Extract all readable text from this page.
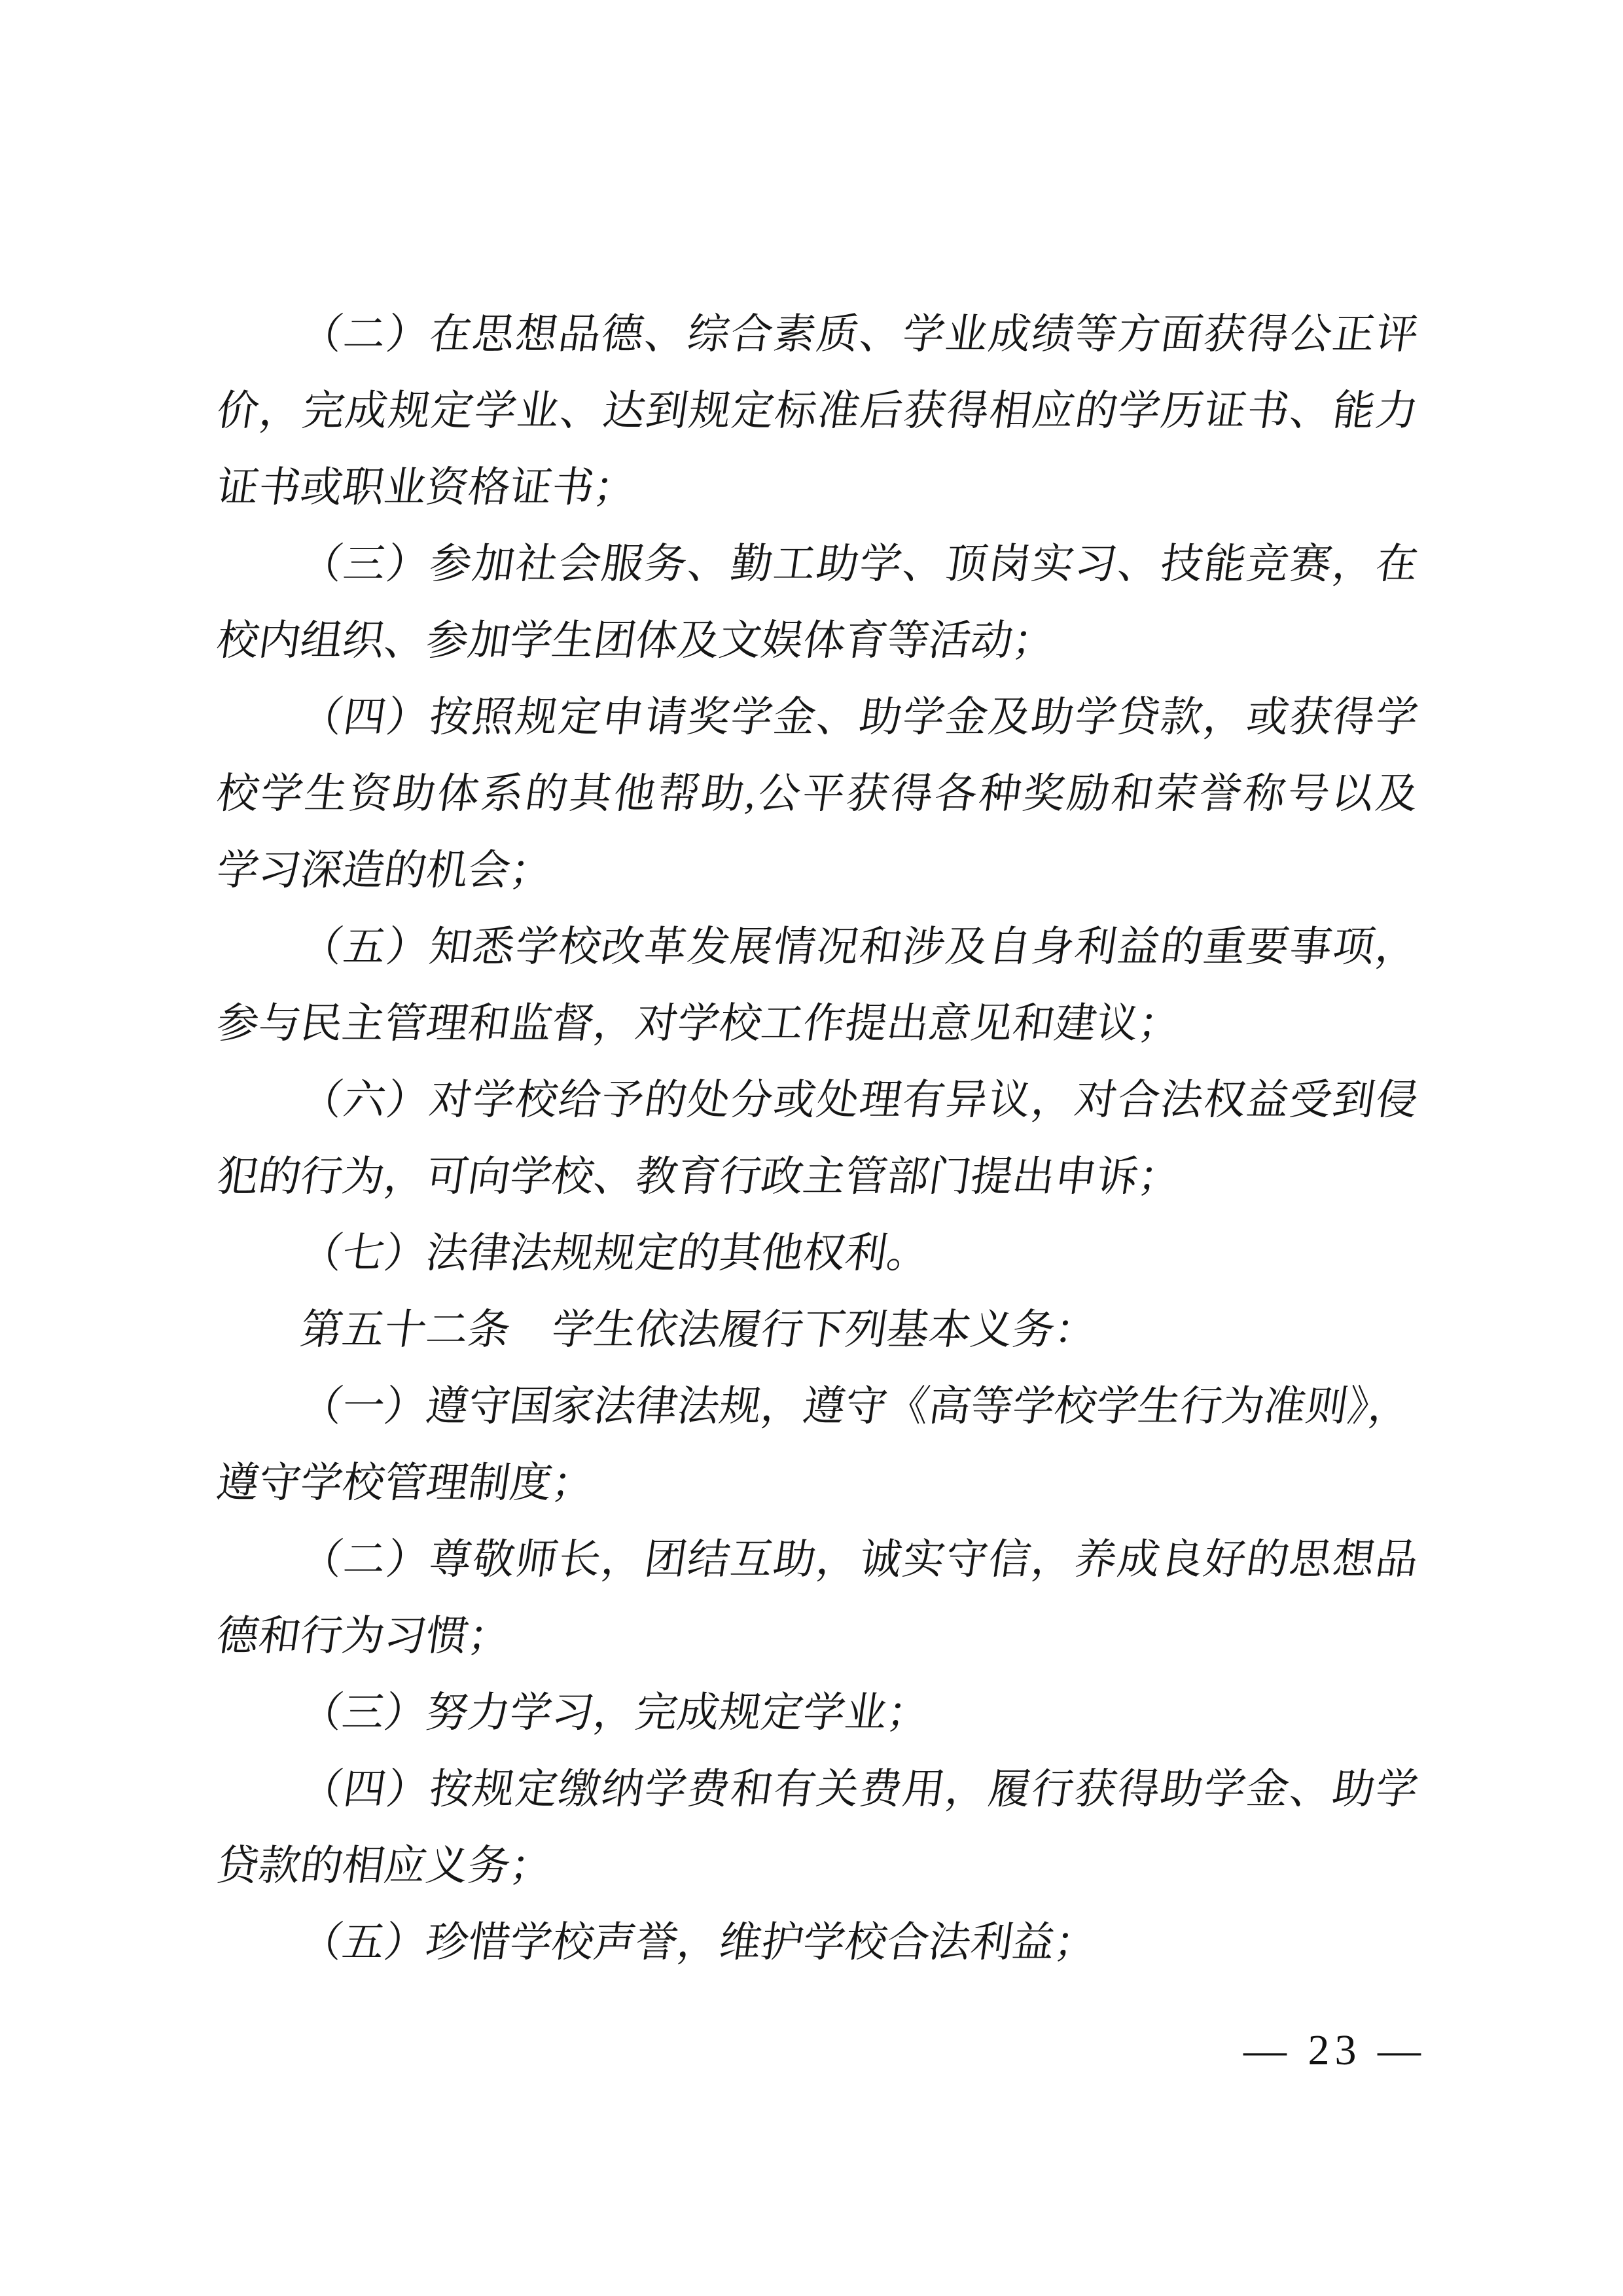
（二）在思想品德、综合素质、学业成绩等方面获得公正评
价，完成规定学业、达到规定标准后获得相应的学历证书、能力
证书或职业资格证书；
（三）参加社会服务、勤工助学、顶岗实习、技能竞赛，在
校内组织、参加学生团体及文娱体育等活动；
（四）按照规定申请奖学金、助学金及助学贷款，或获得学
校学生资助体系的其他帮助,公平获得各种奖励和荣誉称号以及
学习深造的机会；
（五）知悉学校改革发展情况和涉及自身利益的重要事项，
参与民主管理和监督，对学校工作提出意见和建议；
（六）对学校给予的处分或处理有异议，对合法权益受到侵
犯的行为，可向学校、教育行政主管部门提出申诉；
（七）法律法规规定的其他权利。
第五十二条　学生依法履行下列基本义务：
（一）遵守国家法律法规，遵守《高等学校学生行为准则》，
遵守学校管理制度；
（二）尊敬师长，团结互助，诚实守信，养成良好的思想品
德和行为习惯；
（三）努力学习，完成规定学业；
（四）按规定缴纳学费和有关费用，履行获得助学金、助学
贷款的相应义务；
（五）珍惜学校声誉，维护学校合法利益；
— 23 —
